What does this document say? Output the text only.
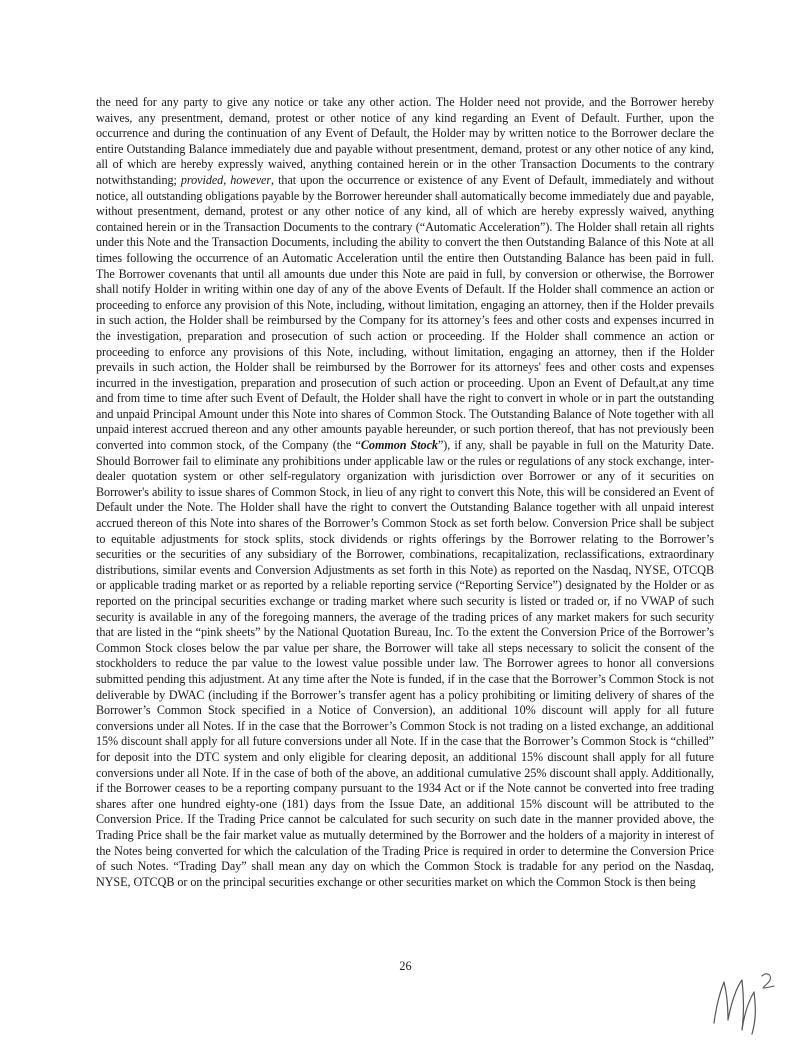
the need for any party to give any notice or take any other action. The Holder need not provide, and the Borrower hereby waives, any presentment, demand, protest or other notice of any kind regarding an Event of Default. Further, upon the occurrence and during the continuation of any Event of Default, the Holder may by written notice to the Borrower declare the entire Outstanding Balance immediately due and payable without presentment, demand, protest or any other notice of any kind, all of which are hereby expressly waived, anything contained herein or in the other Transaction Documents to the contrary notwithstanding; provided, however, that upon the occurrence or existence of any Event of Default, immediately and without notice, all outstanding obligations payable by the Borrower hereunder shall automatically become immediately due and payable, without presentment, demand, protest or any other notice of any kind, all of which are hereby expressly waived, anything contained herein or in the Transaction Documents to the contrary (“Automatic Acceleration”). The Holder shall retain all rights under this Note and the Transaction Documents, including the ability to convert the then Outstanding Balance of this Note at all times following the occurrence of an Automatic Acceleration until the entire then Outstanding Balance has been paid in full. The Borrower covenants that until all amounts due under this Note are paid in full, by conversion or otherwise, the Borrower shall notify Holder in writing within one day of any of the above Events of Default. If the Holder shall commence an action or proceeding to enforce any provision of this Note, including, without limitation, engaging an attorney, then if the Holder prevails in such action, the Holder shall be reimbursed by the Company for its attorney’s fees and other costs and expenses incurred in the investigation, preparation and prosecution of such action or proceeding. If the Holder shall commence an action or proceeding to enforce any provisions of this Note, including, without limitation, engaging an attorney, then if the Holder prevails in such action, the Holder shall be reimbursed by the Borrower for its attorneys' fees and other costs and expenses incurred in the investigation, preparation and prosecution of such action or proceeding. Upon an Event of Default,at any time and from time to time after such Event of Default, the Holder shall have the right to convert in whole or in part the outstanding and unpaid Principal Amount under this Note into shares of Common Stock. The Outstanding Balance of Note together with all unpaid interest accrued thereon and any other amounts payable hereunder, or such portion thereof, that has not previously been converted into common stock, of the Company (the “Common Stock”), if any, shall be payable in full on the Maturity Date. Should Borrower fail to eliminate any prohibitions under applicable law or the rules or regulations of any stock exchange, inter-dealer quotation system or other self-regulatory organization with jurisdiction over Borrower or any of it securities on Borrower's ability to issue shares of Common Stock, in lieu of any right to convert this Note, this will be considered an Event of Default under the Note. The Holder shall have the right to convert the Outstanding Balance together with all unpaid interest accrued thereon of this Note into shares of the Borrower’s Common Stock as set forth below. Conversion Price shall be subject to equitable adjustments for stock splits, stock dividends or rights offerings by the Borrower relating to the Borrower’s securities or the securities of any subsidiary of the Borrower, combinations, recapitalization, reclassifications, extraordinary distributions, similar events and Conversion Adjustments as set forth in this Note) as reported on the Nasdaq, NYSE, OTCQB or applicable trading market or as reported by a reliable reporting service (“Reporting Service”) designated by the Holder or as reported on the principal securities exchange or trading market where such security is listed or traded or, if no VWAP of such security is available in any of the foregoing manners, the average of the trading prices of any market makers for such security that are listed in the “pink sheets” by the National Quotation Bureau, Inc. To the extent the Conversion Price of the Borrower’s Common Stock closes below the par value per share, the Borrower will take all steps necessary to solicit the consent of the stockholders to reduce the par value to the lowest value possible under law. The Borrower agrees to honor all conversions submitted pending this adjustment. At any time after the Note is funded, if in the case that the Borrower’s Common Stock is not deliverable by DWAC (including if the Borrower’s transfer agent has a policy prohibiting or limiting delivery of shares of the Borrower’s Common Stock specified in a Notice of Conversion), an additional 10% discount will apply for all future conversions under all Notes. If in the case that the Borrower’s Common Stock is not trading on a listed exchange, an additional 15% discount shall apply for all future conversions under all Note. If in the case that the Borrower’s Common Stock is “chilled” for deposit into the DTC system and only eligible for clearing deposit, an additional 15% discount shall apply for all future conversions under all Note. If in the case of both of the above, an additional cumulative 25% discount shall apply. Additionally, if the Borrower ceases to be a reporting company pursuant to the 1934 Act or if the Note cannot be converted into free trading shares after one hundred eighty-one (181) days from the Issue Date, an additional 15% discount will be attributed to the Conversion Price. If the Trading Price cannot be calculated for such security on such date in the manner provided above, the Trading Price shall be the fair market value as mutually determined by the Borrower and the holders of a majority in interest of the Notes being converted for which the calculation of the Trading Price is required in order to determine the Conversion Price of such Notes. “Trading Day” shall mean any day on which the Common Stock is tradable for any period on the Nasdaq, NYSE, OTCQB or on the principal securities exchange or other securities market on which the Common Stock is then being

26
